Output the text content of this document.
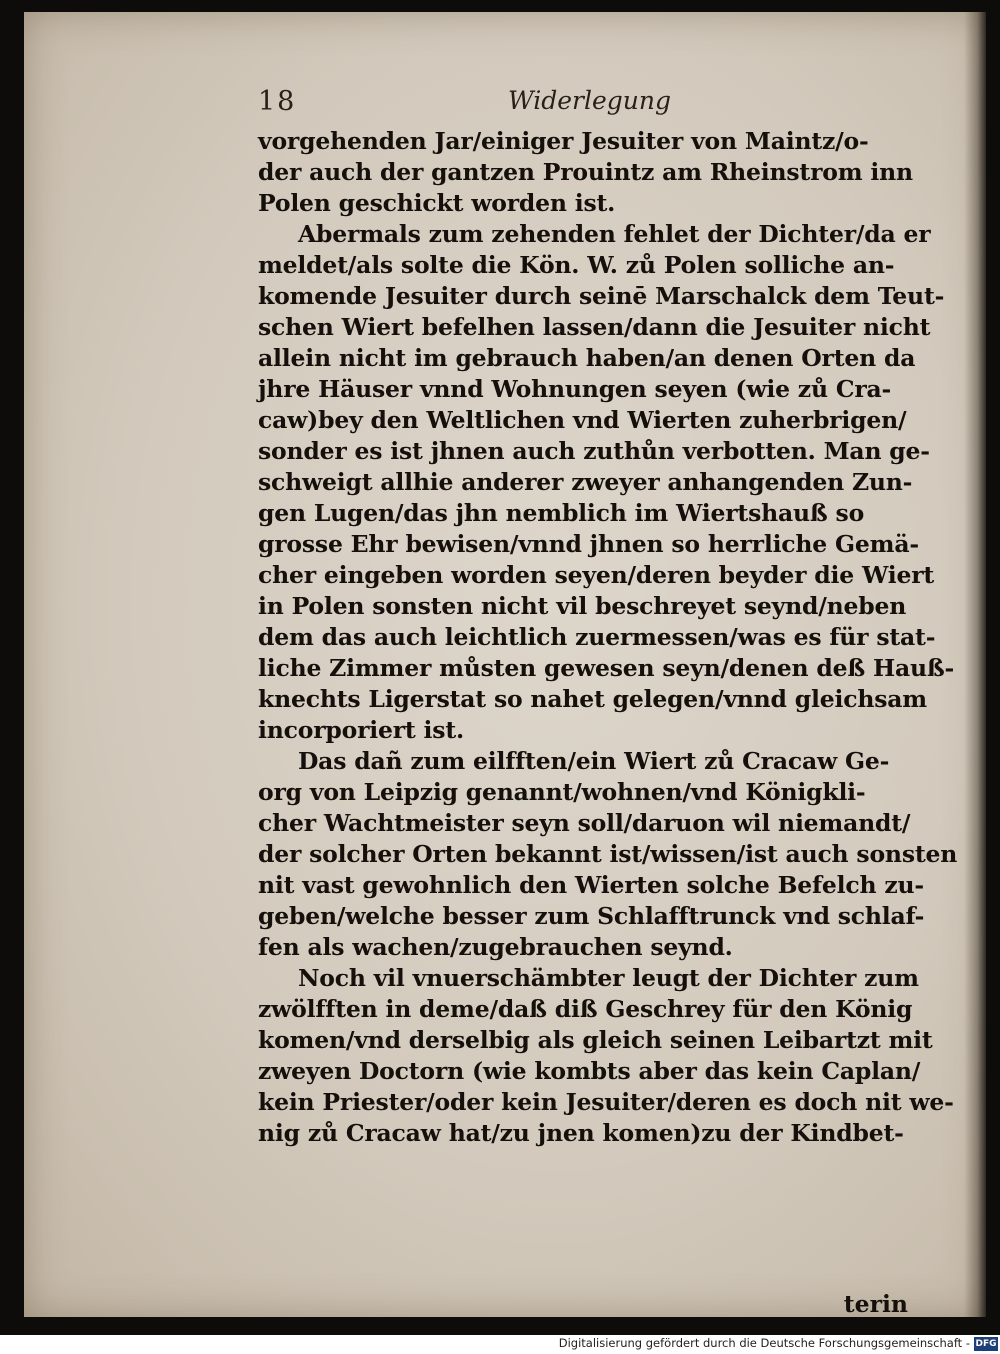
18	Widerlegung
vorgehenden Jar/einiger Jesuiter von Maintz/o-
der auch der gantzen Prouintz am Rheinstrom inn
Polen geschickt worden ist.
Abermals zum zehenden fehlet der Dichter/da er
meldet/als solte die Kön. W. zů Polen solliche an-
komende Jesuiter durch seinē Marschalck dem Teut-
schen Wiert befelhen lassen/dann die Jesuiter nicht
allein nicht im gebrauch haben/an denen Orten da
jhre Häuser vnnd Wohnungen seyen (wie zů Cra-
caw)bey den Weltlichen vnd Wierten zuherbrigen/
sonder es ist jhnen auch zuthůn verbotten. Man ge-
schweigt allhie anderer zweyer anhangenden Zun-
gen Lugen/das jhn nemblich im Wiertshauß so
grosse Ehr bewisen/vnnd jhnen so herrliche Gemä-
cher eingeben worden seyen/deren beyder die Wiert
in Polen sonsten nicht vil beschreyet seynd/neben
dem das auch leichtlich zuermessen/was es für stat-
liche Zimmer můsten gewesen seyn/denen deß Hauß-
knechts Ligerstat so nahet gelegen/vnnd gleichsam
incorporiert ist.
Das dañ zum eilfften/ein Wiert zů Cracaw Ge-
org von Leipzig genannt/wohnen/vnd Königkli-
cher Wachtmeister seyn soll/daruon wil niemandt/
der solcher Orten bekannt ist/wissen/ist auch sonsten
nit vast gewohnlich den Wierten solche Befelch zu-
geben/welche besser zum Schlafftrunck vnd schlaf-
fen als wachen/zugebrauchen seynd.
Noch vil vnuerschämbter leugt der Dichter zum
zwölfften in deme/daß diß Geschrey für den König
komen/vnd derselbig als gleich seinen Leibartzt mit
zweyen Doctorn (wie kombts aber das kein Caplan/
kein Priester/oder kein Jesuiter/deren es doch nit we-
nig zů Cracaw hat/zu jnen komen)zu der Kindbet-
terin
Digitalisierung gefördert durch die Deutsche Forschungsgemeinschaft - DFG
